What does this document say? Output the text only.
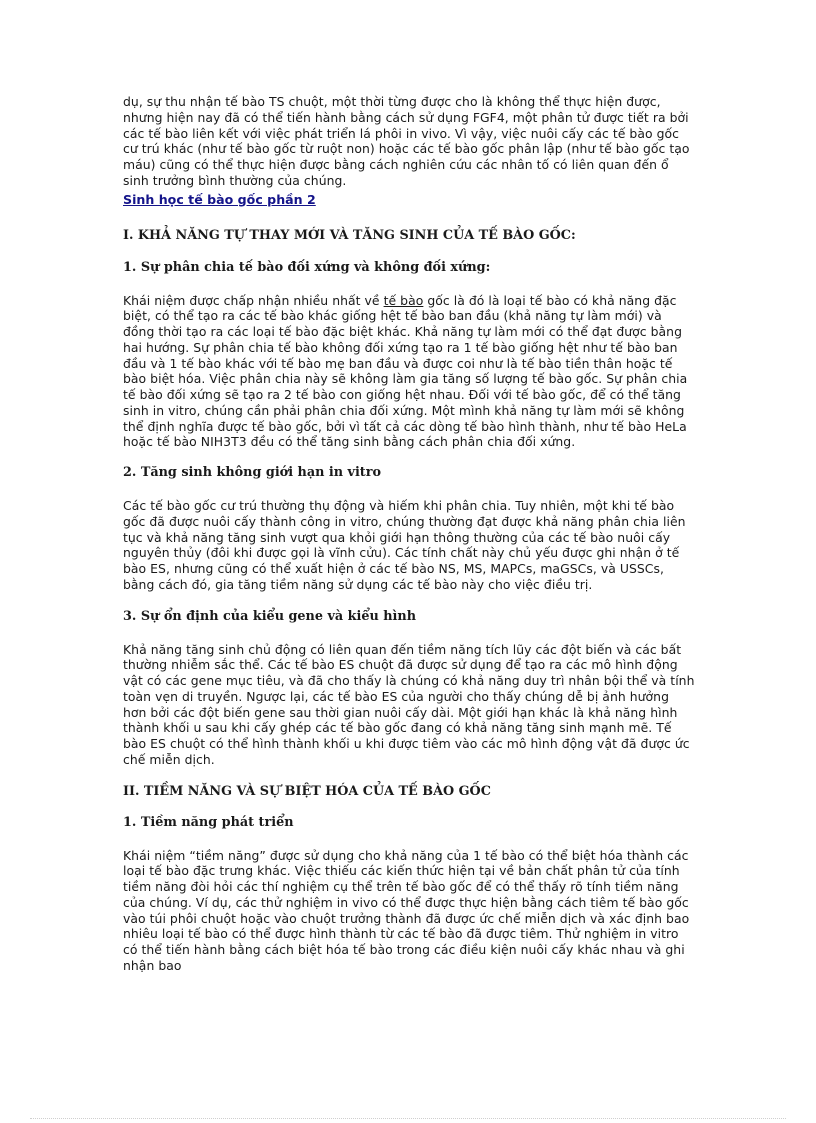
dụ, sự thu nhận tế bào TS chuột, một thời từng được cho là không thể thực hiện được, nhưng hiện nay đã có thể tiến hành bằng cách sử dụng FGF4, một phân tử được tiết ra bởi các tế bào liên kết với việc phát triển lá phôi in vivo. Vì vậy, việc nuôi cấy các tế bào gốc cư trú khác (như tế bào gốc từ ruột non) hoặc các tế bào gốc phân lập (như tế bào gốc tạo máu) cũng có thể thực hiện được bằng cách nghiên cứu các nhân tố có liên quan đến ổ sinh trưởng bình thường của chúng.

Sinh học tế bào gốc phần 2

I. KHẢ NĂNG TỰ THAY MỚI VÀ TĂNG SINH CỦA TẾ BÀO GỐC:

1. Sự phân chia tế bào đối xứng và không đối xứng:

Khái niệm được chấp nhận nhiều nhất về tế bào gốc là đó là loại tế bào có khả năng đặc biệt, có thể tạo ra các tế bào khác giống hệt tế bào ban đầu (khả năng tự làm mới) và đồng thời tạo ra các loại tế bào đặc biệt khác. Khả năng tự làm mới có thể đạt được bằng hai hướng. Sự phân chia tế bào không đối xứng tạo ra 1 tế bào giống hệt như tế bào ban đầu và 1 tế bào khác với tế bào mẹ ban đầu và được coi như là tế bào tiền thân hoặc tế bào biệt hóa. Việc phân chia này sẽ không làm gia tăng số lượng tế bào gốc. Sự phân chia tế bào đối xứng sẽ tạo ra 2 tế bào con giống hệt nhau. Đối với tế bào gốc, để có thể tăng sinh in vitro, chúng cần phải phân chia đối xứng. Một mình khả năng tự làm mới sẽ không thể định nghĩa được tế bào gốc, bởi vì tất cả các dòng tế bào hình thành, như tế bào HeLa hoặc tế bào NIH3T3 đều có thể tăng sinh bằng cách phân chia đối xứng.

2. Tăng sinh không giới hạn in vitro

Các tế bào gốc cư trú thường thụ động và hiếm khi phân chia. Tuy nhiên, một khi tế bào gốc đã được nuôi cấy thành công in vitro, chúng thường đạt được khả năng phân chia liên tục và khả năng tăng sinh vượt qua khỏi giới hạn thông thường của các tế bào nuôi cấy nguyên thủy (đôi khi được gọi là vĩnh cửu). Các tính chất này chủ yếu được ghi nhận ở tế bào ES, nhưng cũng có thể xuất hiện ở các tế bào NS, MS, MAPCs, maGSCs, và USSCs, bằng cách đó, gia tăng tiềm năng sử dụng các tế bào này cho việc điều trị.

3. Sự ổn định của kiểu gene và kiểu hình

Khả năng tăng sinh chủ động có liên quan đến tiềm năng tích lũy các đột biến và các bất thường nhiễm sắc thể. Các tế bào ES chuột đã được sử dụng để tạo ra các mô hình động vật có các gene mục tiêu, và đã cho thấy là chúng có khả năng duy trì nhân bội thể và tính toàn vẹn di truyền. Ngược lại, các tế bào ES của người cho thấy chúng dễ bị ảnh hưởng hơn bởi các đột biến gene sau thời gian nuôi cấy dài. Một giới hạn khác là khả năng hình thành khối u sau khi cấy ghép các tế bào gốc đang có khả năng tăng sinh mạnh mẽ. Tế bào ES chuột có thể hình thành khối u khi được tiêm vào các mô hình động vật đã được ức chế miễn dịch.

II. TIỀM NĂNG VÀ SỰ BIỆT HÓA CỦA TẾ BÀO GỐC

1. Tiềm năng phát triển

Khái niệm “tiềm năng” được sử dụng cho khả năng của 1 tế bào có thể biệt hóa thành các loại tế bào đặc trưng khác. Việc thiếu các kiến thức hiện tại về bản chất phân tử của tính tiềm năng đòi hỏi các thí nghiệm cụ thể trên tế bào gốc để có thể thấy rõ tính tiềm năng của chúng. Ví dụ, các thử nghiệm in vivo có thể được thực hiện bằng cách tiêm tế bào gốc vào túi phôi chuột hoặc vào chuột trưởng thành đã được ức chế miễn dịch và xác định bao nhiêu loại tế bào có thể được hình thành từ các tế bào đã được tiêm. Thử nghiệm in vitro có thể tiến hành bằng cách biệt hóa tế bào trong các điều kiện nuôi cấy khác nhau và ghi nhận bao
